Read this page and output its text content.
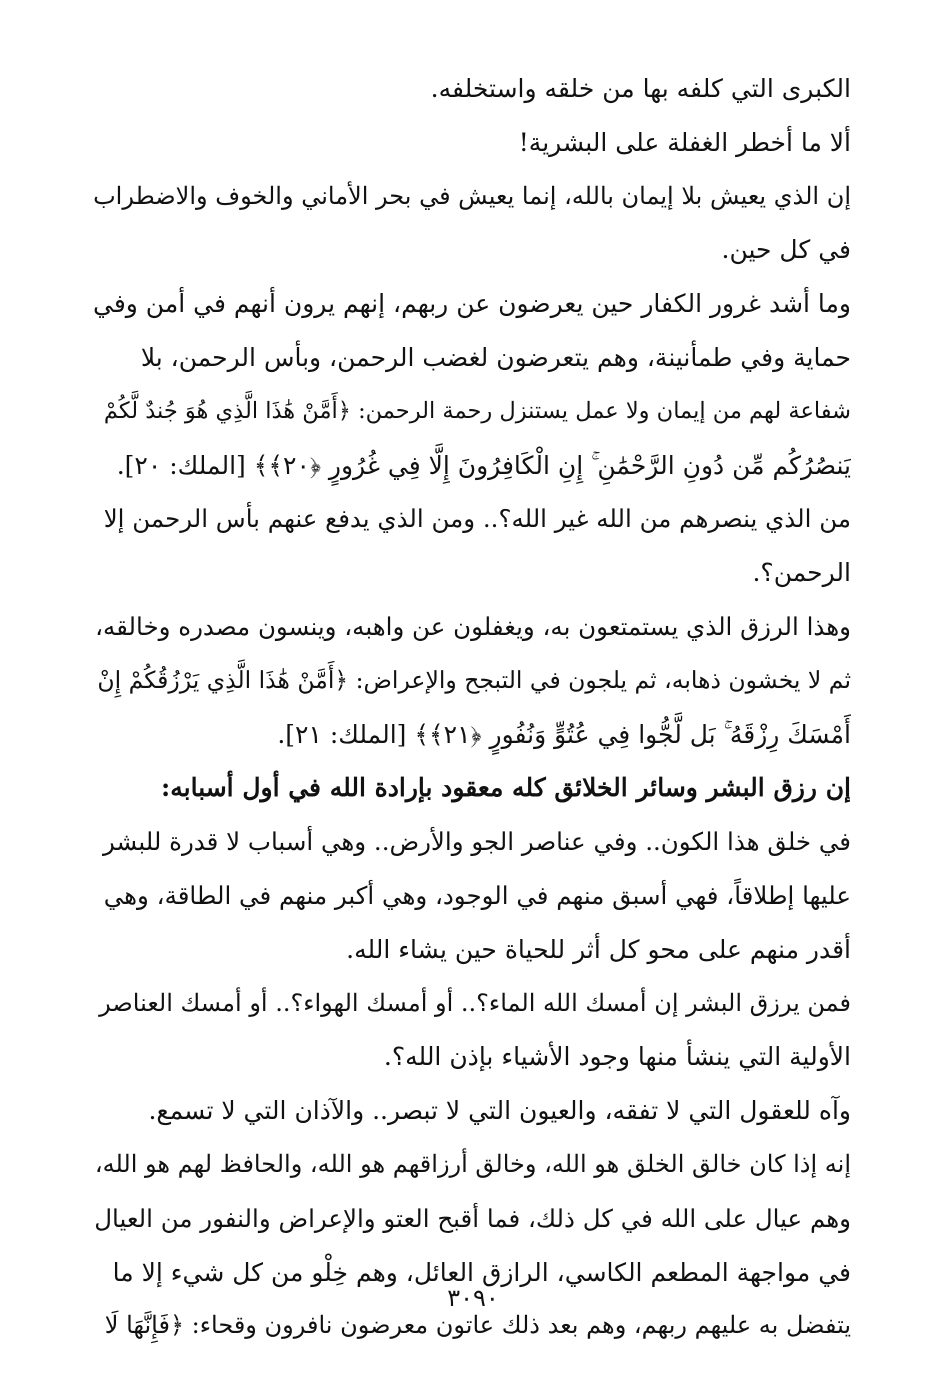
الكبرى التي كلفه بها من خلقه واستخلفه.
ألا ما أخطر الغفلة على البشرية!
إن الذي يعيش بلا إيمان بالله، إنما يعيش في بحر الأماني والخوف والاضطراب
في كل حين.
وما أشد غرور الكفار حين يعرضون عن ربهم، إنهم يرون أنهم في أمن وفي
حماية وفي طمأنينة، وهم يتعرضون لغضب الرحمن، وبأس الرحمن، بلا
شفاعة لهم من إيمان ولا عمل يستنزل رحمة الرحمن: ﴿أَمَّنْ هَٰذَا الَّذِي هُوَ جُندٌ لَّكُمْ
يَنصُرُكُم مِّن دُونِ الرَّحْمَٰنِ ۚ إِنِ الْكَافِرُونَ إِلَّا فِي غُرُورٍ ﴿٢٠﴾﴾ [الملك: ٢٠].
من الذي ينصرهم من الله غير الله؟.. ومن الذي يدفع عنهم بأس الرحمن إلا
الرحمن؟.
وهذا الرزق الذي يستمتعون به، ويغفلون عن واهبه، وينسون مصدره وخالقه،
ثم لا يخشون ذهابه، ثم يلجون في التبجح والإعراض: ﴿أَمَّنْ هَٰذَا الَّذِي يَرْزُقُكُمْ إِنْ
أَمْسَكَ رِزْقَهُ ۚ بَل لَّجُّوا فِي عُتُوٍّ وَنُفُورٍ ﴿٢١﴾﴾ [الملك: ٢١].
إن رزق البشر وسائر الخلائق كله معقود بإرادة الله في أول أسبابه:
في خلق هذا الكون.. وفي عناصر الجو والأرض.. وهي أسباب لا قدرة للبشر
عليها إطلاقاً، فهي أسبق منهم في الوجود، وهي أكبر منهم في الطاقة، وهي
أقدر منهم على محو كل أثر للحياة حين يشاء الله.
فمن يرزق البشر إن أمسك الله الماء؟.. أو أمسك الهواء؟.. أو أمسك العناصر
الأولية التي ينشأ منها وجود الأشياء بإذن الله؟.
وآه للعقول التي لا تفقه، والعيون التي لا تبصر.. والآذان التي لا تسمع.
إنه إذا كان خالق الخلق هو الله، وخالق أرزاقهم هو الله، والحافظ لهم هو الله،
وهم عيال على الله في كل ذلك، فما أقبح العتو والإعراض والنفور من العيال
في مواجهة المطعم الكاسي، الرازق العائل، وهم خِلْو من كل شيء إلا ما
يتفضل به عليهم ربهم، وهم بعد ذلك عاتون معرضون نافرون وقحاء: ﴿فَإِنَّهَا لَا
٣٠٩٠
